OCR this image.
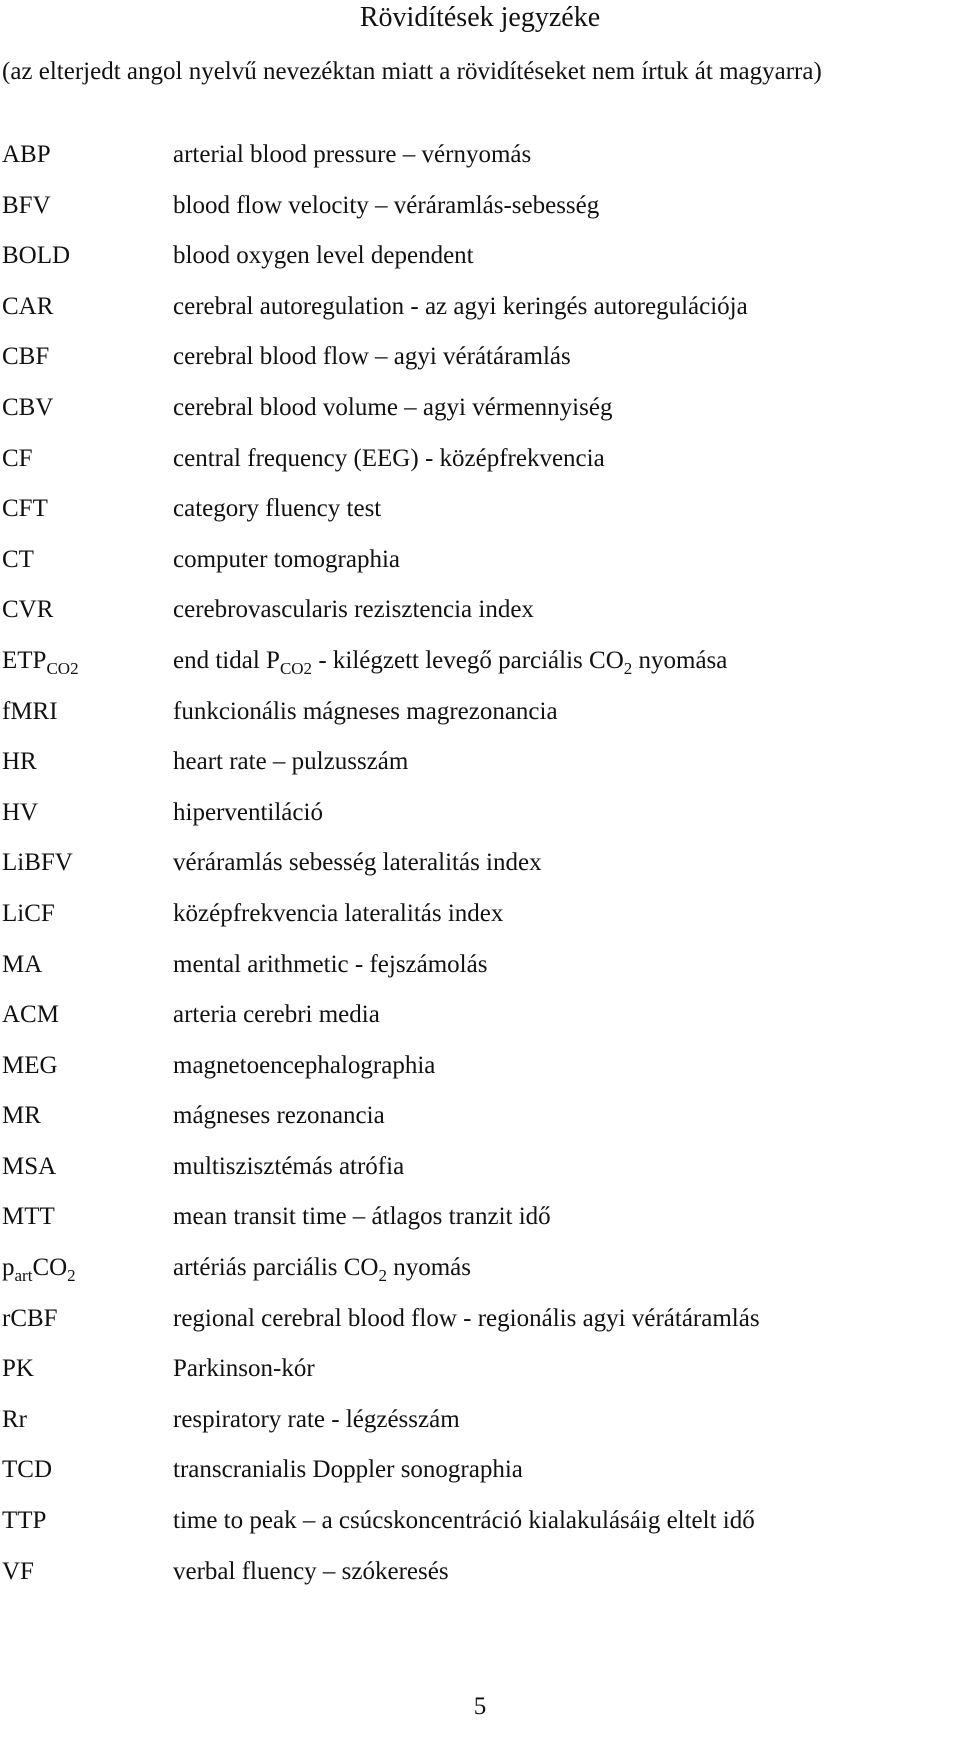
Rövidítések jegyzéke
(az elterjedt angol nyelvű nevezéktan miatt a rövidítéseket nem írtuk át magyarra)
ABP	arterial blood pressure – vérnyomás
BFV	blood flow velocity – véráramlás-sebesség
BOLD	blood oxygen level dependent
CAR	cerebral autoregulation - az agyi keringés autoregulációja
CBF	cerebral blood flow – agyi vérátáramlás
CBV	cerebral blood volume – agyi vérmennyiség
CF	central frequency (EEG) - középfrekvencia
CFT	category fluency test
CT	computer tomographia
CVR	cerebrovascularis rezisztencia index
$ETP_{CO2}$	end tidal $P_{CO2}$ - kilégzett levegő parciális $CO_2$ nyomása
fMRI	funkcionális mágneses magrezonancia
HR	heart rate – pulzusszám
HV	hiperventiláció
LiBFV	véráramlás sebesség lateralitás index
LiCF	középfrekvencia lateralitás index
MA	mental arithmetic - fejszámolás
ACM	arteria cerebri media
MEG	magnetoencephalographia
MR	mágneses rezonancia
MSA	multiszisztémás atrófia
MTT	mean transit time – átlagos tranzit idő
$p_{art}CO_2$	artériás parciális $CO_2$ nyomás
rCBF	regional cerebral blood flow - regionális agyi vérátáramlás
PK	Parkinson-kór
Rr	respiratory rate - légzésszám
TCD	transcranialis Doppler sonographia
TTP	time to peak – a csúcskoncentráció kialakulásáig eltelt idő
VF	verbal fluency – szókeresés
5
